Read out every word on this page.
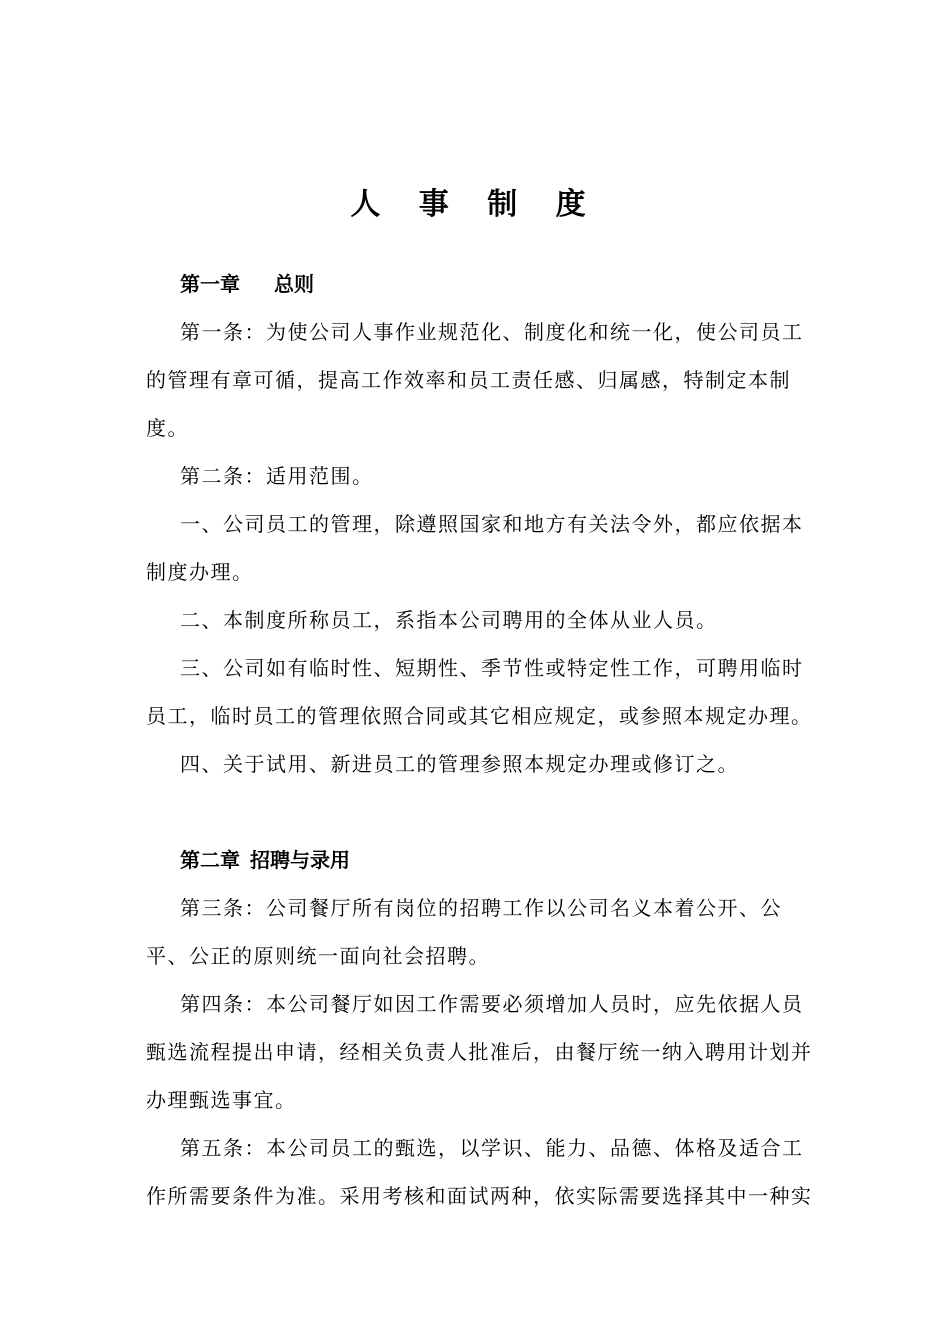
人 事 制 度
第一章 总则
第一条：为使公司人事作业规范化、制度化和统一化，使公司员工的管理有章可循，提高工作效率和员工责任感、归属感，特制定本制度。
第二条：适用范围。
一、公司员工的管理，除遵照国家和地方有关法令外，都应依据本制度办理。
二、本制度所称员工，系指本公司聘用的全体从业人员。
三、公司如有临时性、短期性、季节性或特定性工作，可聘用临时员工，临时员工的管理依照合同或其它相应规定，或参照本规定办理。
四、关于试用、新进员工的管理参照本规定办理或修订之。
第二章 招聘与录用
第三条：公司餐厅所有岗位的招聘工作以公司名义本着公开、公平、公正的原则统一面向社会招聘。
第四条：本公司餐厅如因工作需要必须增加人员时，应先依据人员甄选流程提出申请，经相关负责人批准后，由餐厅统一纳入聘用计划并办理甄选事宜。
第五条：本公司员工的甄选，以学识、能力、品德、体格及适合工作所需要条件为准。采用考核和面试两种，依实际需要选择其中一种实
